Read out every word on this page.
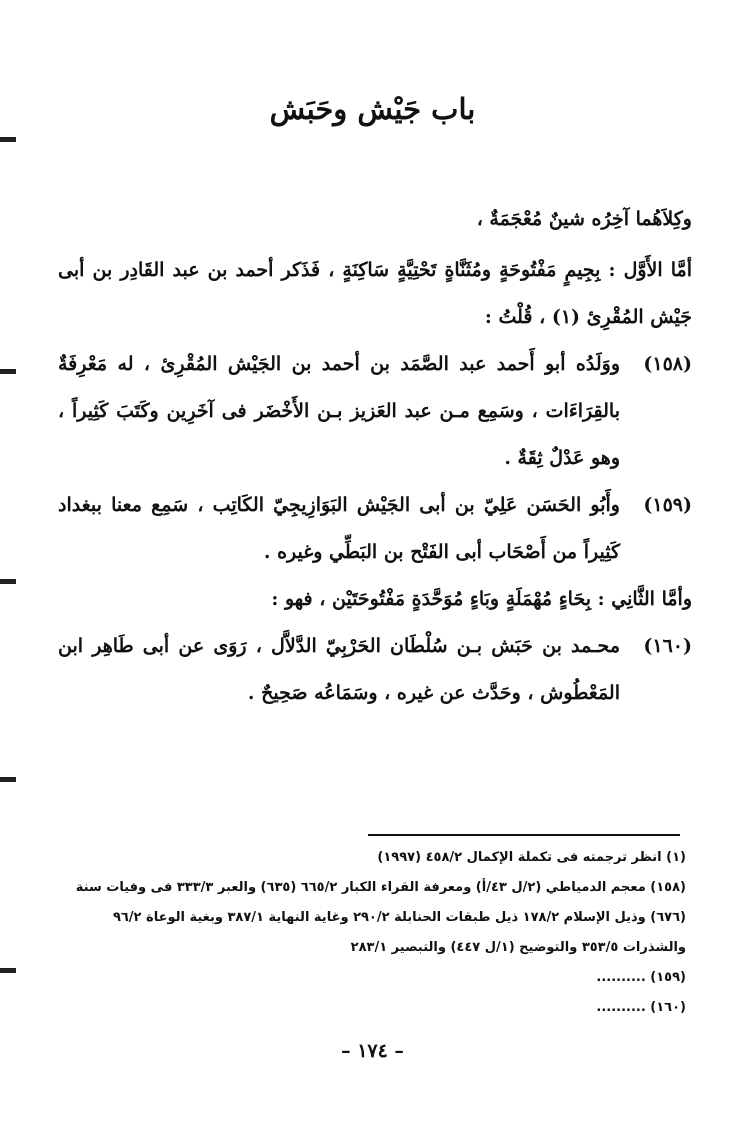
باب جَيْش وحَبَش
وكِلاَهُما آخِرُه شينٌ مُعْجَمَةٌ ،
أمَّا الأَوَّل : بِجِيمٍ مَفْتُوحَةٍ ومُثَنَّاةٍ تَحْتِيَّةٍ سَاكِنَةٍ ، فَذَكر أحمد بن عبد القَادِر بن أبى جَيْش المُقْرِئ (١) ، قُلْتُ :
(١٥٨)
ووَلَدُه أبو أَحمد عبد الصَّمَد بن أحمد بن الجَيْش المُقْرِئ ، له مَعْرِفَةٌ بالقِرَاءَات ، وسَمِع مـن عبد العَزيز بـن الأَخْضَر فى آخَرِين وكَتَبَ كَثِيراً ، وهو عَدْلٌ ثِقَةٌ .
(١٥٩)
وأَبُو الحَسَن عَلِيّ بن أبى الجَيْش البَوَازِيجِيّ الكَاتِب ، سَمِع معنا ببغداد كَثِيراً من أَصْحَاب أبى الفَتْح بن البَطِّي وغيره .
وأمَّا الثَّانِي : بِحَاءٍ مُهْمَلَةٍ وبَاءٍ مُوَحَّدَةٍ مَفْتُوحَتَيْن ، فهو :
(١٦٠)
محـمد بن حَبَش بـن سُلْطَان الحَرْبِيّ الدَّلاَّل ، رَوَى عن أبى طَاهِر ابن المَعْطُوش ، وحَدَّث عن غيره ، وسَمَاعُه صَحِيحٌ .
(١) انظر ترجمته فى تكملة الإكمال ٤٥٨/٢ (١٩٩٧)
(١٥٨) معجم الدمياطي (٢/ل ٤٣/أ) ومعرفة القراء الكبار ٦٦٥/٢ (٦٣٥) والعبر ٣٣٣/٣ فى وفيات سنة
(٦٧٦) وذيل الإسلام ١٧٨/٢ ذيل طبقات الحنابلة ٢٩٠/٢ وغاية النهاية ٣٨٧/١ وبغية الوعاة ٩٦/٢
والشذرات ٣٥٣/٥ والتوضيح (١/ل ٤٤٧) والتبصير ٢٨٣/١
(١٥٩) ..........
(١٦٠) ..........
– ١٧٤ –
